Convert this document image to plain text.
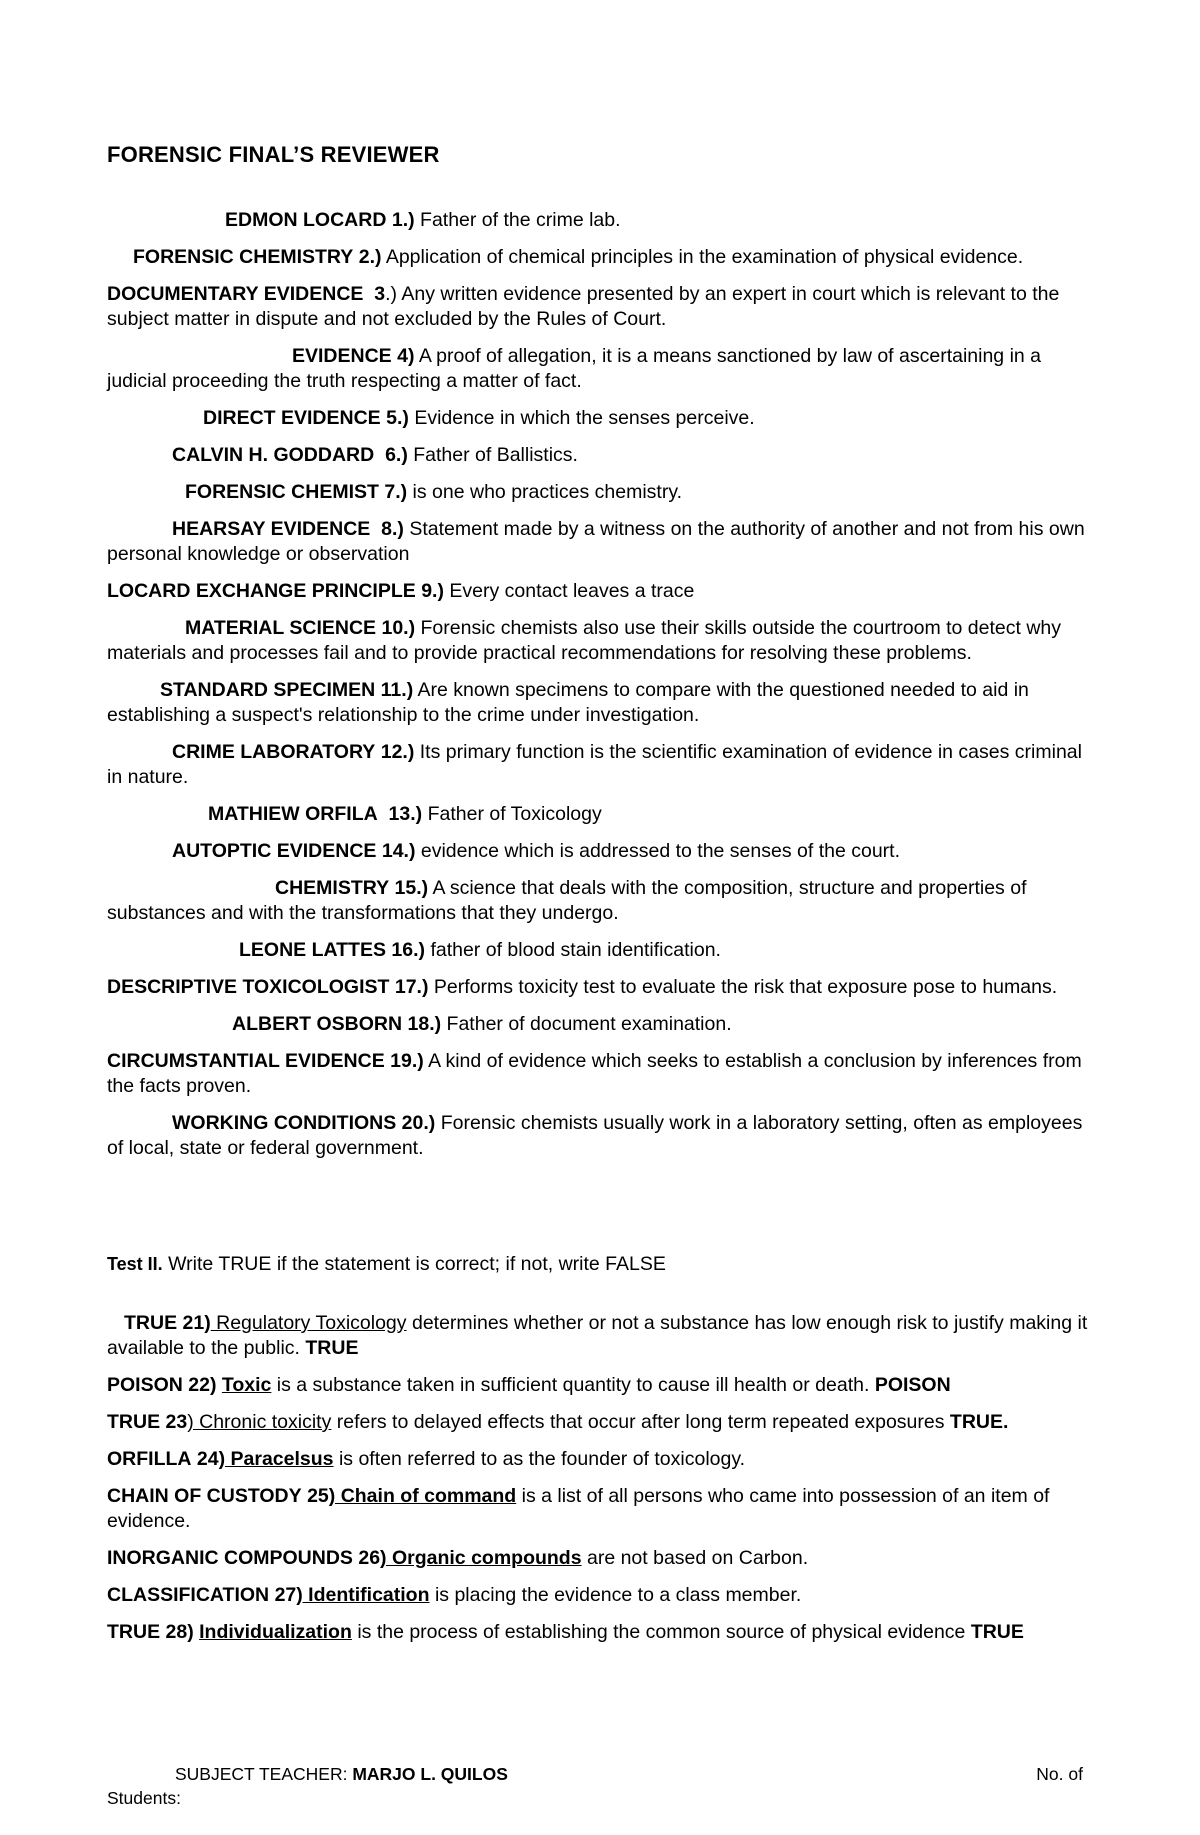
FORENSIC FINAL’S REVIEWER

EDMON LOCARD 1.) Father of the crime lab.

FORENSIC CHEMISTRY 2.) Application of chemical principles in the examination of physical evidence.

DOCUMENTARY EVIDENCE 3.) Any written evidence presented by an expert in court which is relevant to the subject matter in dispute and not excluded by the Rules of Court.

EVIDENCE 4) A proof of allegation, it is a means sanctioned by law of ascertaining in a judicial proceeding the truth respecting a matter of fact.

DIRECT EVIDENCE 5.) Evidence in which the senses perceive.

CALVIN H. GODDARD 6.) Father of Ballistics.

FORENSIC CHEMIST 7.) is one who practices chemistry.

HEARSAY EVIDENCE 8.) Statement made by a witness on the authority of another and not from his own personal knowledge or observation

LOCARD EXCHANGE PRINCIPLE 9.) Every contact leaves a trace

MATERIAL SCIENCE 10.) Forensic chemists also use their skills outside the courtroom to detect why materials and processes fail and to provide practical recommendations for resolving these problems.

STANDARD SPECIMEN 11.) Are known specimens to compare with the questioned needed to aid in establishing a suspect's relationship to the crime under investigation.

CRIME LABORATORY 12.) Its primary function is the scientific examination of evidence in cases criminal in nature.

MATHIEW ORFILA 13.) Father of Toxicology

AUTOPTIC EVIDENCE 14.) evidence which is addressed to the senses of the court.

CHEMISTRY 15.) A science that deals with the composition, structure and properties of substances and with the transformations that they undergo.

LEONE LATTES 16.) father of blood stain identification.

DESCRIPTIVE TOXICOLOGIST 17.) Performs toxicity test to evaluate the risk that exposure pose to humans.

ALBERT OSBORN 18.) Father of document examination.

CIRCUMSTANTIAL EVIDENCE 19.) A kind of evidence which seeks to establish a conclusion by inferences from the facts proven.

WORKING CONDITIONS 20.) Forensic chemists usually work in a laboratory setting, often as employees of local, state or federal government.

Test II. Write TRUE if the statement is correct; if not, write FALSE

TRUE 21) Regulatory Toxicology determines whether or not a substance has low enough risk to justify making it available to the public. TRUE

POISON 22) Toxic is a substance taken in sufficient quantity to cause ill health or death. POISON

TRUE 23) Chronic toxicity refers to delayed effects that occur after long term repeated exposures TRUE.

ORFILLA 24) Paracelsus is often referred to as the founder of toxicology.

CHAIN OF CUSTODY 25) Chain of command is a list of all persons who came into possession of an item of evidence.

INORGANIC COMPOUNDS 26) Organic compounds are not based on Carbon.

CLASSIFICATION 27) Identification is placing the evidence to a class member.

TRUE 28) Individualization is the process of establishing the common source of physical evidence TRUE

SUBJECT TEACHER: MARJO L. QUILOS	No. of
Students:
